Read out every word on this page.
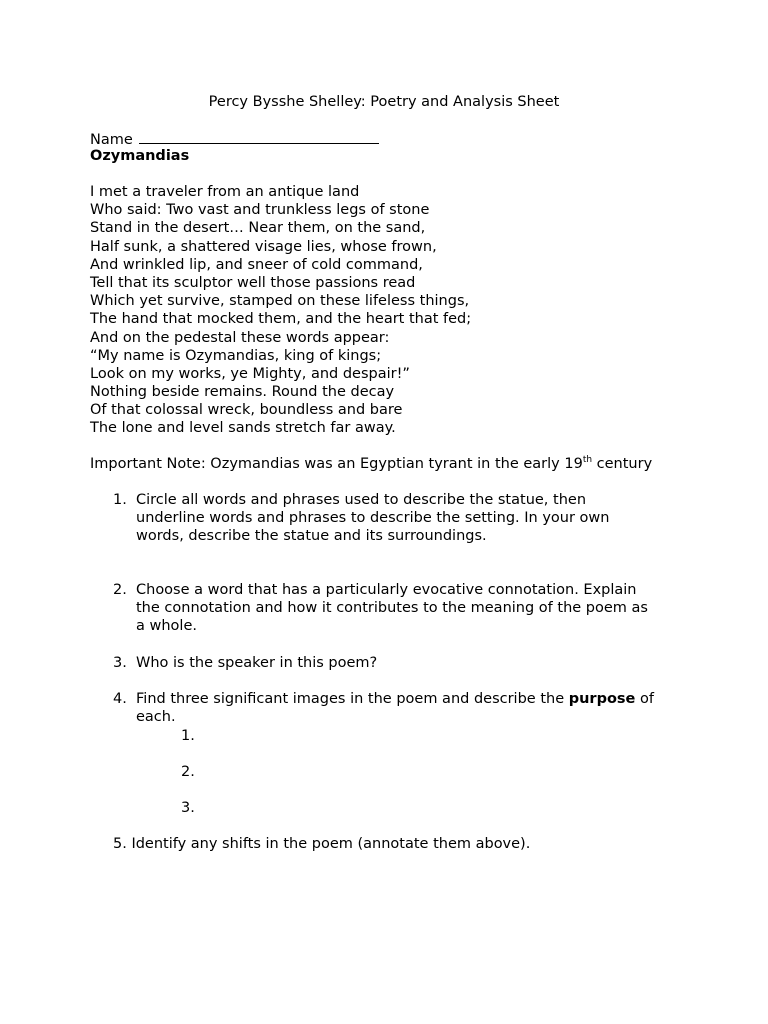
Percy Bysshe Shelley: Poetry and Analysis Sheet
Name
Ozymandias
I met a traveler from an antique land
Who said: Two vast and trunkless legs of stone
Stand in the desert… Near them, on the sand,
Half sunk, a shattered visage lies, whose frown,
And wrinkled lip, and sneer of cold command,
Tell that its sculptor well those passions read
Which yet survive, stamped on these lifeless things,
The hand that mocked them, and the heart that fed;
And on the pedestal these words appear:
“My name is Ozymandias, king of kings;
Look on my works, ye Mighty, and despair!”
Nothing beside remains. Round the decay
Of that colossal wreck, boundless and bare
The lone and level sands stretch far away.
Important Note: Ozymandias was an Egyptian tyrant in the early 19th century
1. Circle all words and phrases used to describe the statue, then
underline words and phrases to describe the setting. In your own
words, describe the statue and its surroundings.
2. Choose a word that has a particularly evocative connotation. Explain
the connotation and how it contributes to the meaning of the poem as
a whole.
3. Who is the speaker in this poem?
4. Find three significant images in the poem and describe the purpose of
each.
1.
2.
3.
5. Identify any shifts in the poem (annotate them above).
